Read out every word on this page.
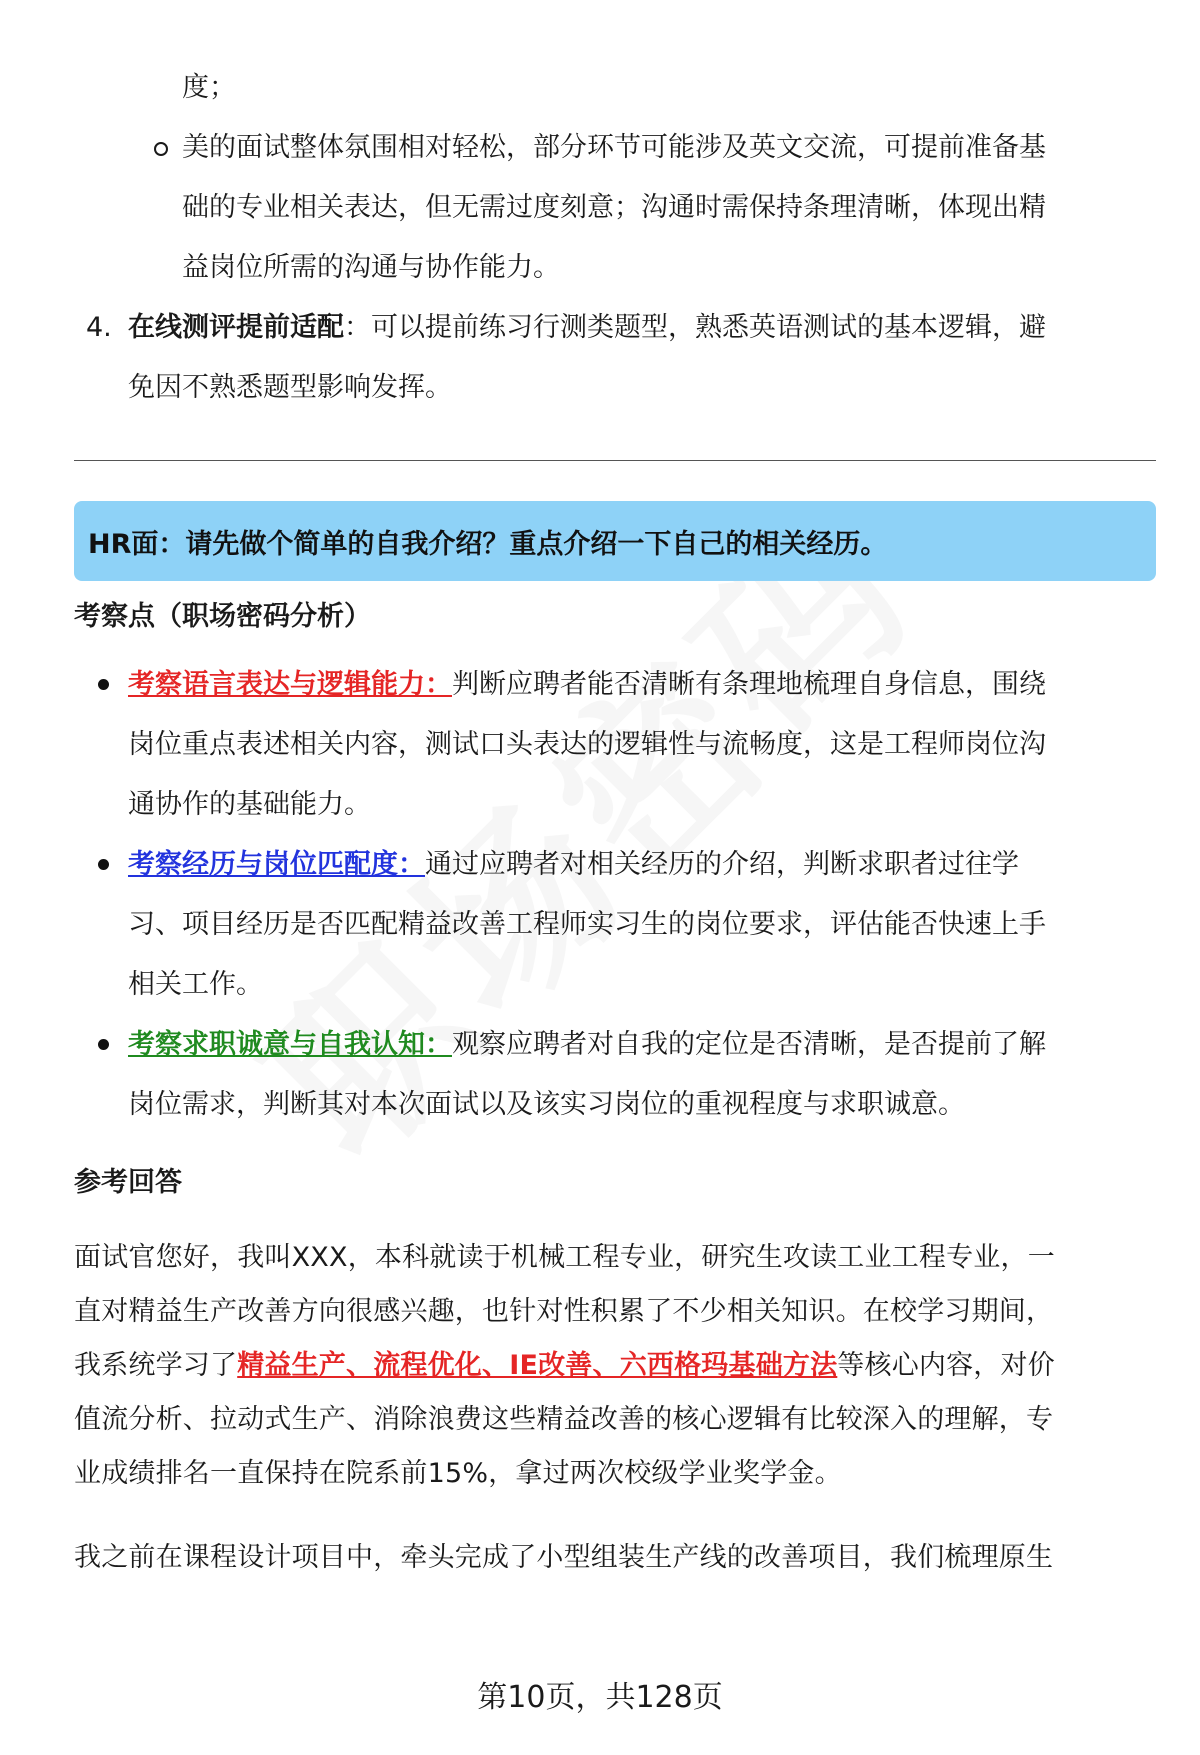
度；
美的面试整体氛围相对轻松，部分环节可能涉及英文交流，可提前准备基
础的专业相关表达，但无需过度刻意；沟通时需保持条理清晰，体现出精
益岗位所需的沟通与协作能力。
4. 在线测评提前适配：可以提前练习行测类题型，熟悉英语测试的基本逻辑，避
免因不熟悉题型影响发挥。
HR面：请先做个简单的自我介绍？重点介绍一下自己的相关经历。
考察点（职场密码分析）
考察语言表达与逻辑能力：判断应聘者能否清晰有条理地梳理自身信息，围绕
岗位重点表述相关内容，测试口头表达的逻辑性与流畅度，这是工程师岗位沟
通协作的基础能力。
考察经历与岗位匹配度：通过应聘者对相关经历的介绍，判断求职者过往学
习、项目经历是否匹配精益改善工程师实习生的岗位要求，评估能否快速上手
相关工作。
考察求职诚意与自我认知：观察应聘者对自我的定位是否清晰，是否提前了解
岗位需求，判断其对本次面试以及该实习岗位的重视程度与求职诚意。
参考回答
面试官您好，我叫XXX，本科就读于机械工程专业，研究生攻读工业工程专业，一
直对精益生产改善方向很感兴趣，也针对性积累了不少相关知识。在校学习期间，
我系统学习了精益生产、流程优化、IE改善、六西格玛基础方法等核心内容，对价
值流分析、拉动式生产、消除浪费这些精益改善的核心逻辑有比较深入的理解，专
业成绩排名一直保持在院系前15%，拿过两次校级学业奖学金。
我之前在课程设计项目中，牵头完成了小型组装生产线的改善项目，我们梳理原生
第10页，共128页
